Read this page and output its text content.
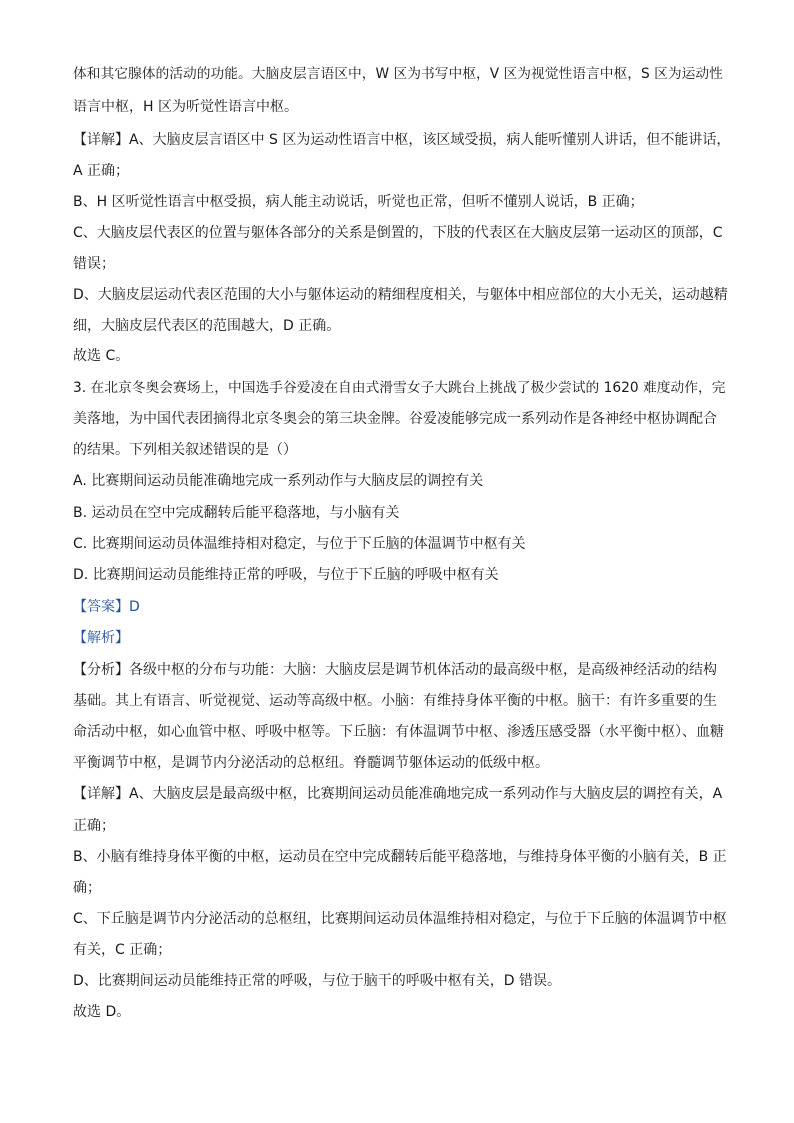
体和其它腺体的活动的功能。大脑皮层言语区中，W 区为书写中枢，V 区为视觉性语言中枢，S 区为运动性
语言中枢，H 区为听觉性语言中枢。
【详解】A、大脑皮层言语区中 S 区为运动性语言中枢，该区域受损，病人能听懂别人讲话，但不能讲话，
A 正确；
B、H 区听觉性语言中枢受损，病人能主动说话，听觉也正常，但听不懂别人说话，B 正确；
C、大脑皮层代表区的位置与躯体各部分的关系是倒置的，下肢的代表区在大脑皮层第一运动区的顶部，C
错误；
D、大脑皮层运动代表区范围的大小与躯体运动的精细程度相关，与躯体中相应部位的大小无关，运动越精
细，大脑皮层代表区的范围越大，D 正确。
故选 C。
3. 在北京冬奥会赛场上，中国选手谷爱凌在自由式滑雪女子大跳台上挑战了极少尝试的 1620 难度动作，完
美落地，为中国代表团摘得北京冬奥会的第三块金牌。谷爱凌能够完成一系列动作是各神经中枢协调配合
的结果。下列相关叙述错误的是（）
A. 比赛期间运动员能准确地完成一系列动作与大脑皮层的调控有关
B. 运动员在空中完成翻转后能平稳落地，与小脑有关
C. 比赛期间运动员体温维持相对稳定，与位于下丘脑的体温调节中枢有关
D. 比赛期间运动员能维持正常的呼吸，与位于下丘脑的呼吸中枢有关
【答案】D
【解析】
【分析】各级中枢的分布与功能：大脑：大脑皮层是调节机体活动的最高级中枢，是高级神经活动的结构
基础。其上有语言、听觉视觉、运动等高级中枢。小脑：有维持身体平衡的中枢。脑干：有许多重要的生
命活动中枢，如心血管中枢、呼吸中枢等。下丘脑：有体温调节中枢、渗透压感受器（水平衡中枢）、血糖
平衡调节中枢，是调节内分泌活动的总枢纽。脊髓调节躯体运动的低级中枢。
【详解】A、大脑皮层是最高级中枢，比赛期间运动员能准确地完成一系列动作与大脑皮层的调控有关，A
正确；
B、小脑有维持身体平衡的中枢，运动员在空中完成翻转后能平稳落地，与维持身体平衡的小脑有关，B 正
确；
C、下丘脑是调节内分泌活动的总枢纽，比赛期间运动员体温维持相对稳定，与位于下丘脑的体温调节中枢
有关，C 正确；
D、比赛期间运动员能维持正常的呼吸，与位于脑干的呼吸中枢有关，D 错误。
故选 D。
